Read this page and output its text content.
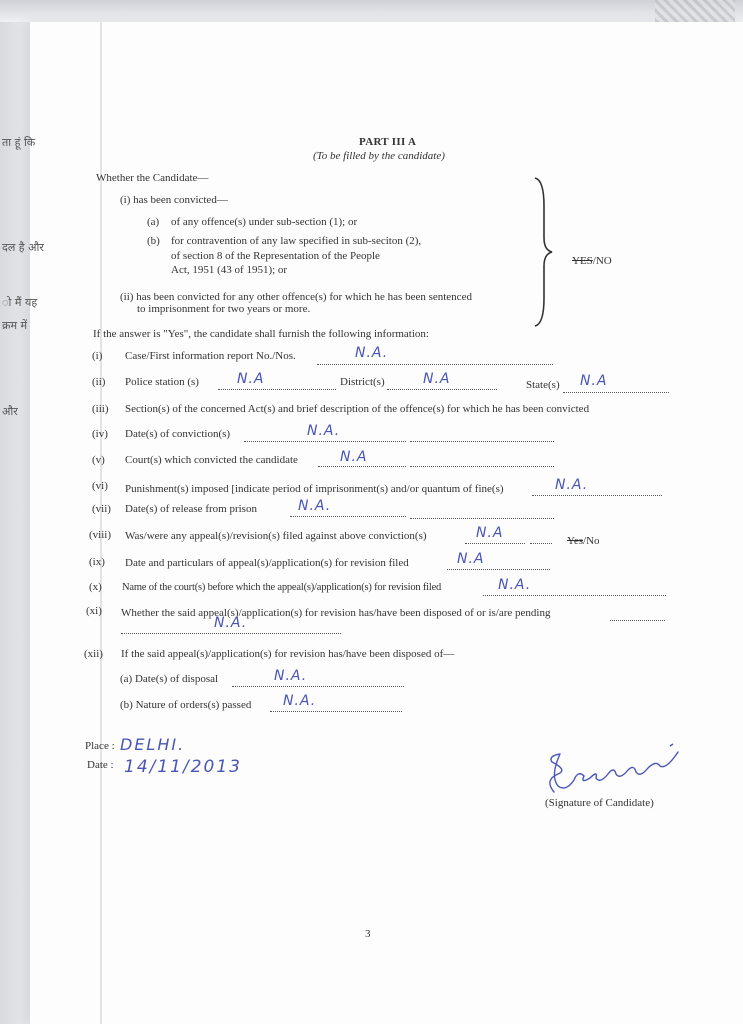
ता हूं कि
दल है और
ो मैं यह
क्रम में
और
PART III A
(To be filled by the candidate)
Whether the Candidate—
(i) has been convicted—
(a) of any offence(s) under sub-section (1); or
(b) for contravention of any law specified in sub-seciton (2),
of section 8 of the Representation of the People
Act, 1951 (43 of 1951); or
(ii) has been convicted for any other offence(s) for which he has been sentenced
to imprisonment for two years or more.
YES/NO
If the answer is "Yes", the candidate shall furnish the following information:
(i) Case/First information report No./Nos.	N.A.
(ii) Police station (s)	N.A	District(s)	N.A	State(s) N.A
(iii) Section(s) of the concerned Act(s) and brief description of the offence(s) for which he has been convicted
(iv) Date(s) of conviction(s)	N.A.
(v) Court(s) which convicted the candidate	N.A
(vi) Punishment(s) imposed [indicate period of imprisonment(s) and/or quantum of fine(s)	N.A.
(vii) Date(s) of release from prison	N.A.
(viii) Was/were any appeal(s)/revision(s) filed against above conviction(s)	N.A	Yes/No
(ix) Date and particulars of appeal(s)/application(s) for revision filed	N.A
(x) Name of the court(s) before which the appeal(s)/application(s) for revision filed	N.A.
(xi) Whether the said appeal(s)/application(s) for revision has/have been disposed of or is/are pending
N.A.
(xii) If the said appeal(s)/application(s) for revision has/have been disposed of—
(a) Date(s) of disposal	N.A.
(b) Nature of orders(s) passed N.A.
Place : DELHI.
Date : 14/11/2013
(Signature of Candidate)
3
